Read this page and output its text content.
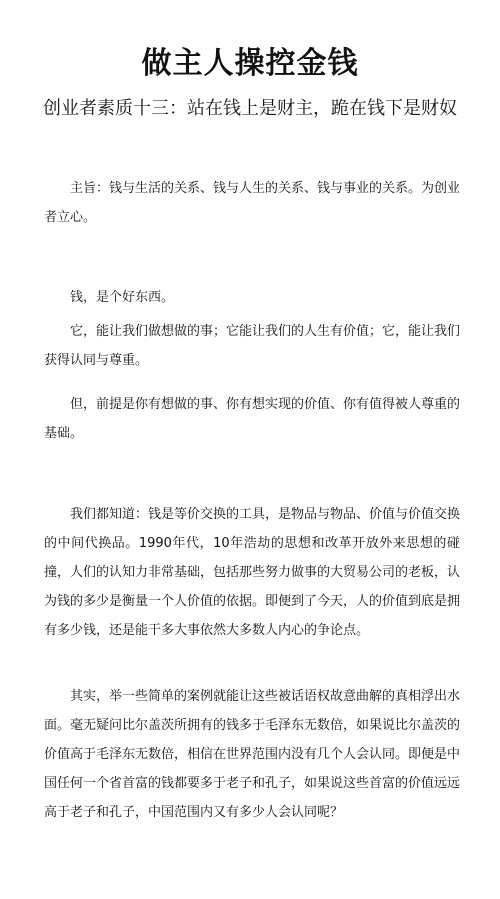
做主人操控金钱
创业者素质十三：站在钱上是财主，跪在钱下是财奴

主旨：钱与生活的关系、钱与人生的关系、钱与事业的关系。为创业者立心。

钱，是个好东西。

它，能让我们做想做的事；它能让我们的人生有价值；它，能让我们获得认同与尊重。

但，前提是你有想做的事、你有想实现的价值、你有值得被人尊重的基础。

我们都知道：钱是等价交换的工具，是物品与物品、价值与价值交换的中间代换品。1990年代，10年浩劫的思想和改革开放外来思想的碰撞，人们的认知力非常基础，包括那些努力做事的大贸易公司的老板，认为钱的多少是衡量一个人价值的依据。即便到了今天，人的价值到底是拥有多少钱，还是能干多大事依然大多数人内心的争论点。

其实，举一些简单的案例就能让这些被话语权故意曲解的真相浮出水面。毫无疑问比尔盖茨所拥有的钱多于毛泽东无数倍，如果说比尔盖茨的价值高于毛泽东无数倍，相信在世界范围内没有几个人会认同。即便是中国任何一个省首富的钱都要多于老子和孔子，如果说这些首富的价值远远高于老子和孔子，中国范围内又有多少人会认同呢？
